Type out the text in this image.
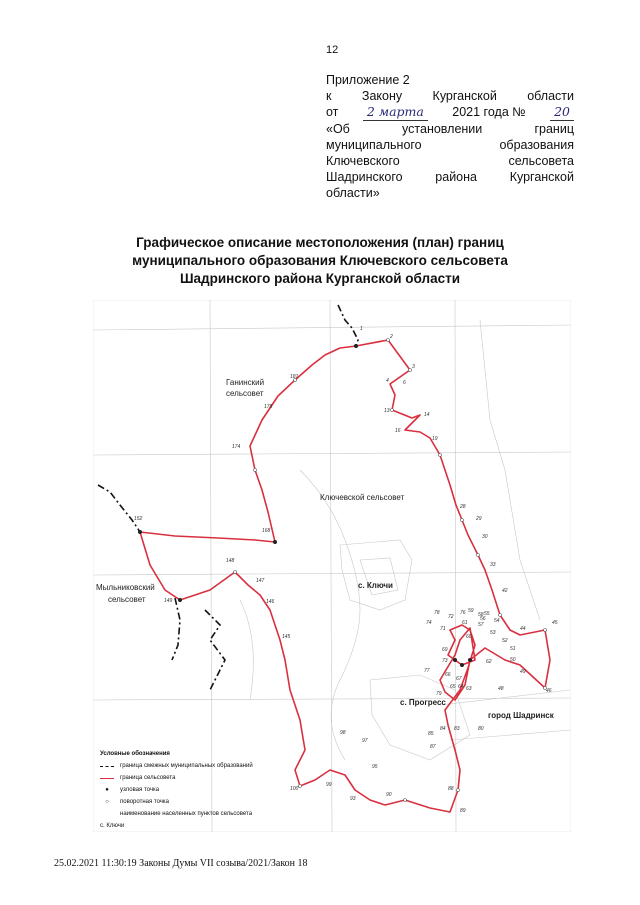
12
Приложение 2
к Закону Курганской области
от	2 марта	2021 года №	20
«Об	установлении	границ
муниципального	образования
Ключевского	сельсовета
Шадринского	района	Курганской
области»
Графическое описание местоположения (план) границ
муниципального образования Ключевского сельсовета
Шадринского района Курганской области
Ганинский
сельсовет
Ключевской сельсовет
с. Ключи
Мыльниковский
сельсовет
с. Прогресс
город Шадринск
1
2
3
4	6
13
14
16
19
28
29
30
33
42
44
45
46
48
49
50
51
52
53
54
55
56
57
58
59
60
61
62
63
64
65
66
67
69
71
72
73
74
76
77
78
79
80
83
84
85
87
88
89
90
93
95
97
98
99
100
145
146
147
148
149
152
168
174
178
181
Условные обозначения
граница смежных муниципальных образований
граница сельсовета
●	узловая точка
○	поворотная точка
наименование населенных пунктов сельсовета
с. Ключи
25.02.2021 11:30:19 Законы Думы VII созыва/2021/Закон 18
